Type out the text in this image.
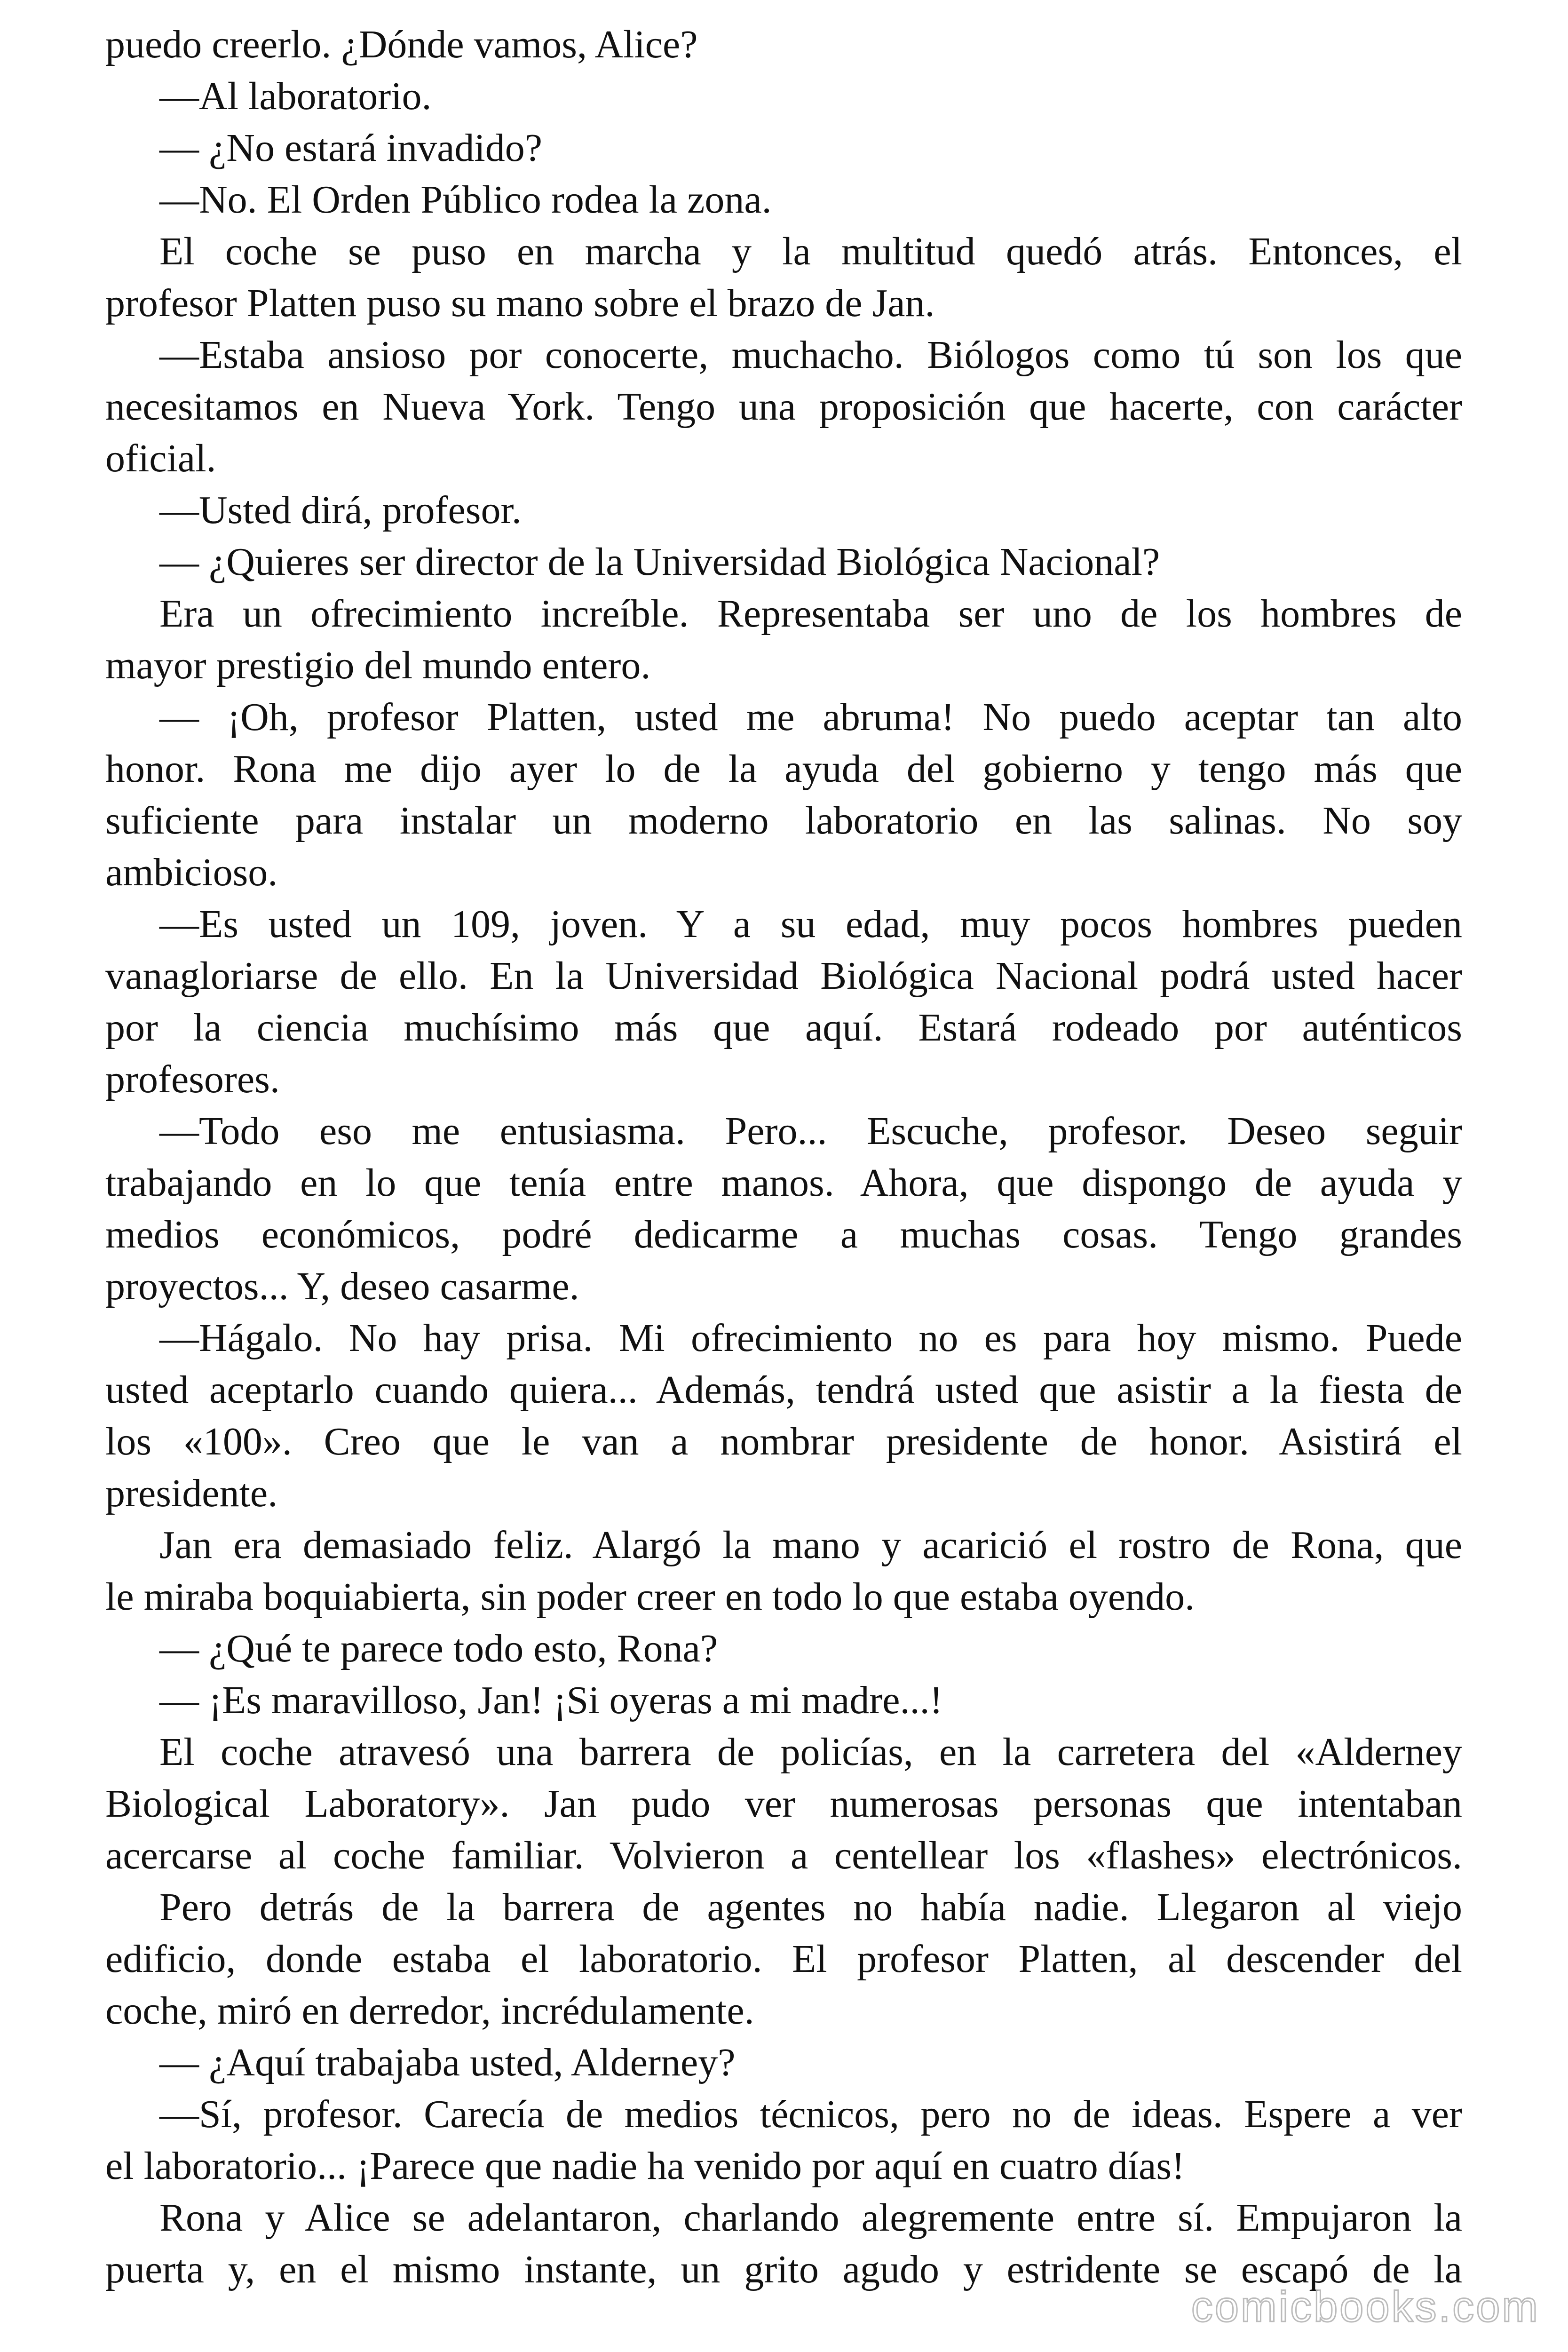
puedo creerlo. ¿Dónde vamos, Alice?
—Al laboratorio.
— ¿No estará invadido?
—No. El Orden Público rodea la zona.
El coche se puso en marcha y la multitud quedó atrás. Entonces, el
profesor Platten puso su mano sobre el brazo de Jan.
—Estaba ansioso por conocerte, muchacho. Biólogos como tú son los que
necesitamos en Nueva York. Tengo una proposición que hacerte, con carácter
oficial.
—Usted dirá, profesor.
— ¿Quieres ser director de la Universidad Biológica Nacional?
Era un ofrecimiento increíble. Representaba ser uno de los hombres de
mayor prestigio del mundo entero.
— ¡Oh, profesor Platten, usted me abruma! No puedo aceptar tan alto
honor. Rona me dijo ayer lo de la ayuda del gobierno y tengo más que
suficiente para instalar un moderno laboratorio en las salinas. No soy
ambicioso.
—Es usted un 109, joven. Y a su edad, muy pocos hombres pueden
vanagloriarse de ello. En la Universidad Biológica Nacional podrá usted hacer
por la ciencia muchísimo más que aquí. Estará rodeado por auténticos
profesores.
—Todo eso me entusiasma. Pero... Escuche, profesor. Deseo seguir
trabajando en lo que tenía entre manos. Ahora, que dispongo de ayuda y
medios económicos, podré dedicarme a muchas cosas. Tengo grandes
proyectos... Y, deseo casarme.
—Hágalo. No hay prisa. Mi ofrecimiento no es para hoy mismo. Puede
usted aceptarlo cuando quiera... Además, tendrá usted que asistir a la fiesta de
los «100». Creo que le van a nombrar presidente de honor. Asistirá el
presidente.
Jan era demasiado feliz. Alargó la mano y acarició el rostro de Rona, que
le miraba boquiabierta, sin poder creer en todo lo que estaba oyendo.
— ¿Qué te parece todo esto, Rona?
— ¡Es maravilloso, Jan! ¡Si oyeras a mi madre...!
El coche atravesó una barrera de policías, en la carretera del «Alderney
Biological Laboratory». Jan pudo ver numerosas personas que intentaban
acercarse al coche familiar. Volvieron a centellear los «flashes» electrónicos.
Pero detrás de la barrera de agentes no había nadie. Llegaron al viejo
edificio, donde estaba el laboratorio. El profesor Platten, al descender del
coche, miró en derredor, incrédulamente.
— ¿Aquí trabajaba usted, Alderney?
—Sí, profesor. Carecía de medios técnicos, pero no de ideas. Espere a ver
el laboratorio... ¡Parece que nadie ha venido por aquí en cuatro días!
Rona y Alice se adelantaron, charlando alegremente entre sí. Empujaron la
puerta y, en el mismo instante, un grito agudo y estridente se escapó de la
comicbooks.com
